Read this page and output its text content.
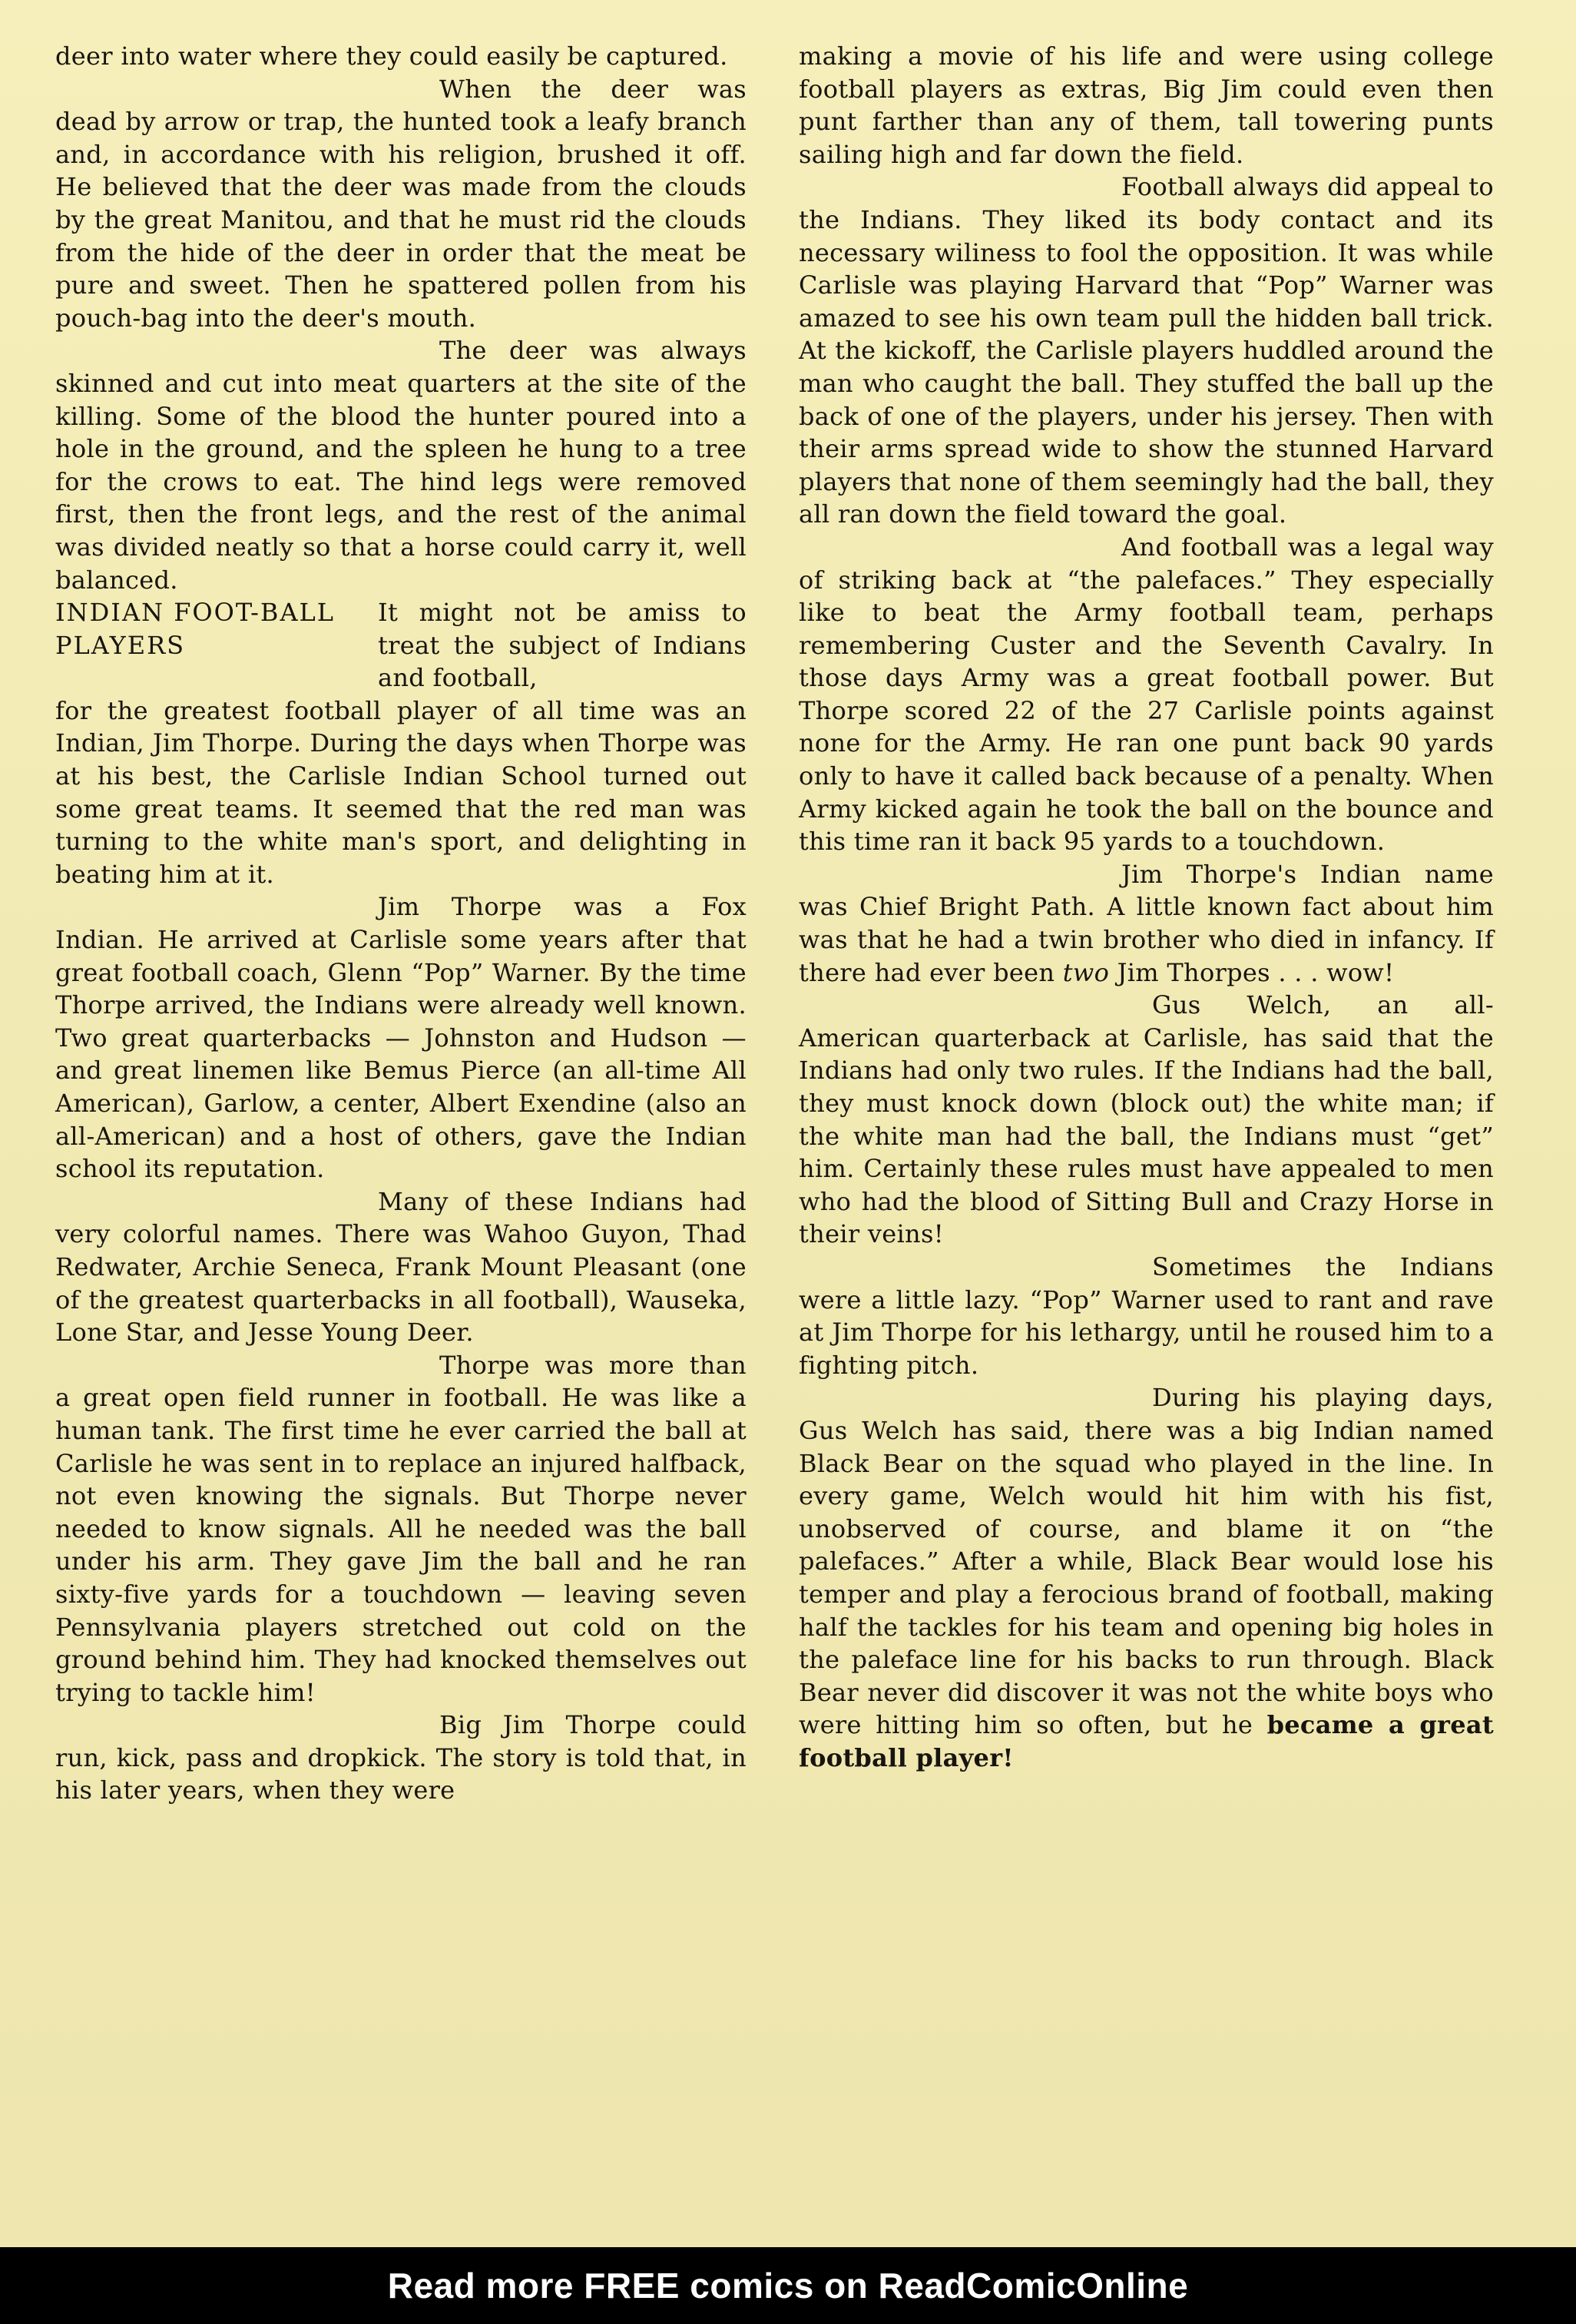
deer into water where they could easily be captured.

When the deer was dead by arrow or trap, the hunted took a leafy branch and, in accordance with his religion, brushed it off. He believed that the deer was made from the clouds by the great Manitou, and that he must rid the clouds from the hide of the deer in order that the meat be pure and sweet. Then he spattered pollen from his pouch-bag into the deer's mouth.

The deer was always skinned and cut into meat quarters at the site of the killing. Some of the blood the hunter poured into a hole in the ground, and the spleen he hung to a tree for the crows to eat. The hind legs were removed first, then the front legs, and the rest of the animal was divided neatly so that a horse could carry it, well balanced.

INDIAN FOOT-BALL PLAYERS
It might not be amiss to treat the subject of Indians and football,

for the greatest football player of all time was an Indian, Jim Thorpe. During the days when Thorpe was at his best, the Carlisle Indian School turned out some great teams. It seemed that the red man was turning to the white man's sport, and delighting in beating him at it.

Jim Thorpe was a Fox Indian. He arrived at Carlisle some years after that great football coach, Glenn “Pop” Warner. By the time Thorpe arrived, the Indians were already well known. Two great quarterbacks — Johnston and Hudson — and great linemen like Bemus Pierce (an all-time All American), Garlow, a center, Albert Exendine (also an all-American) and a host of others, gave the Indian school its reputation.

Many of these Indians had very colorful names. There was Wahoo Guyon, Thad Redwater, Archie Seneca, Frank Mount Pleasant (one of the greatest quarterbacks in all football), Wauseka, Lone Star, and Jesse Young Deer.

Thorpe was more than a great open field runner in football. He was like a human tank. The first time he ever carried the ball at Carlisle he was sent in to replace an injured halfback, not even knowing the signals. But Thorpe never needed to know signals. All he needed was the ball under his arm. They gave Jim the ball and he ran sixty-five yards for a touchdown — leaving seven Pennsylvania players stretched out cold on the ground behind him. They had knocked themselves out trying to tackle him!

Big Jim Thorpe could run, kick, pass and dropkick. The story is told that, in his later years, when they were

making a movie of his life and were using college football players as extras, Big Jim could even then punt farther than any of them, tall towering punts sailing high and far down the field.

Football always did appeal to the Indians. They liked its body contact and its necessary wiliness to fool the opposition. It was while Carlisle was playing Harvard that “Pop” Warner was amazed to see his own team pull the hidden ball trick. At the kickoff, the Carlisle players huddled around the man who caught the ball. They stuffed the ball up the back of one of the players, under his jersey. Then with their arms spread wide to show the stunned Harvard players that none of them seemingly had the ball, they all ran down the field toward the goal.

And football was a legal way of striking back at “the palefaces.” They especially like to beat the Army football team, perhaps remembering Custer and the Seventh Cavalry. In those days Army was a great football power. But Thorpe scored 22 of the 27 Carlisle points against none for the Army. He ran one punt back 90 yards only to have it called back because of a penalty. When Army kicked again he took the ball on the bounce and this time ran it back 95 yards to a touchdown.

Jim Thorpe's Indian name was Chief Bright Path. A little known fact about him was that he had a twin brother who died in infancy. If there had ever been two Jim Thorpes . . . wow!

Gus Welch, an all-American quarterback at Carlisle, has said that the Indians had only two rules. If the Indians had the ball, they must knock down (block out) the white man; if the white man had the ball, the Indians must “get” him. Certainly these rules must have appealed to men who had the blood of Sitting Bull and Crazy Horse in their veins!

Sometimes the Indians were a little lazy. “Pop” Warner used to rant and rave at Jim Thorpe for his lethargy, until he roused him to a fighting pitch.

During his playing days, Gus Welch has said, there was a big Indian named Black Bear on the squad who played in the line. In every game, Welch would hit him with his fist, unobserved of course, and blame it on “the palefaces.” After a while, Black Bear would lose his temper and play a ferocious brand of football, making half the tackles for his team and opening big holes in the paleface line for his backs to run through. Black Bear never did discover it was not the white boys who were hitting him so often, but he became a great football player!

Read more FREE comics on ReadComicOnline
